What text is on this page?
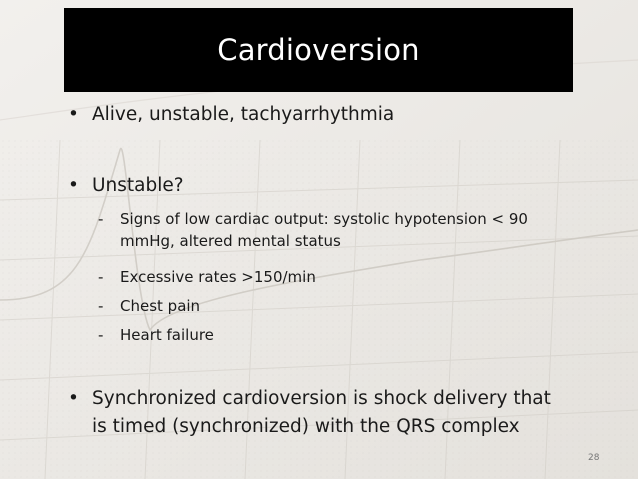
Cardioversion
• Alive, unstable, tachyarrhythmia
• Unstable?
-	Signs of low cardiac output: systolic hypotension < 90 mmHg, altered mental status
-	Excessive rates >150/min
-	Chest pain
-	Heart failure
• Synchronized cardioversion is shock delivery that is timed (synchronized) with the QRS complex
28
